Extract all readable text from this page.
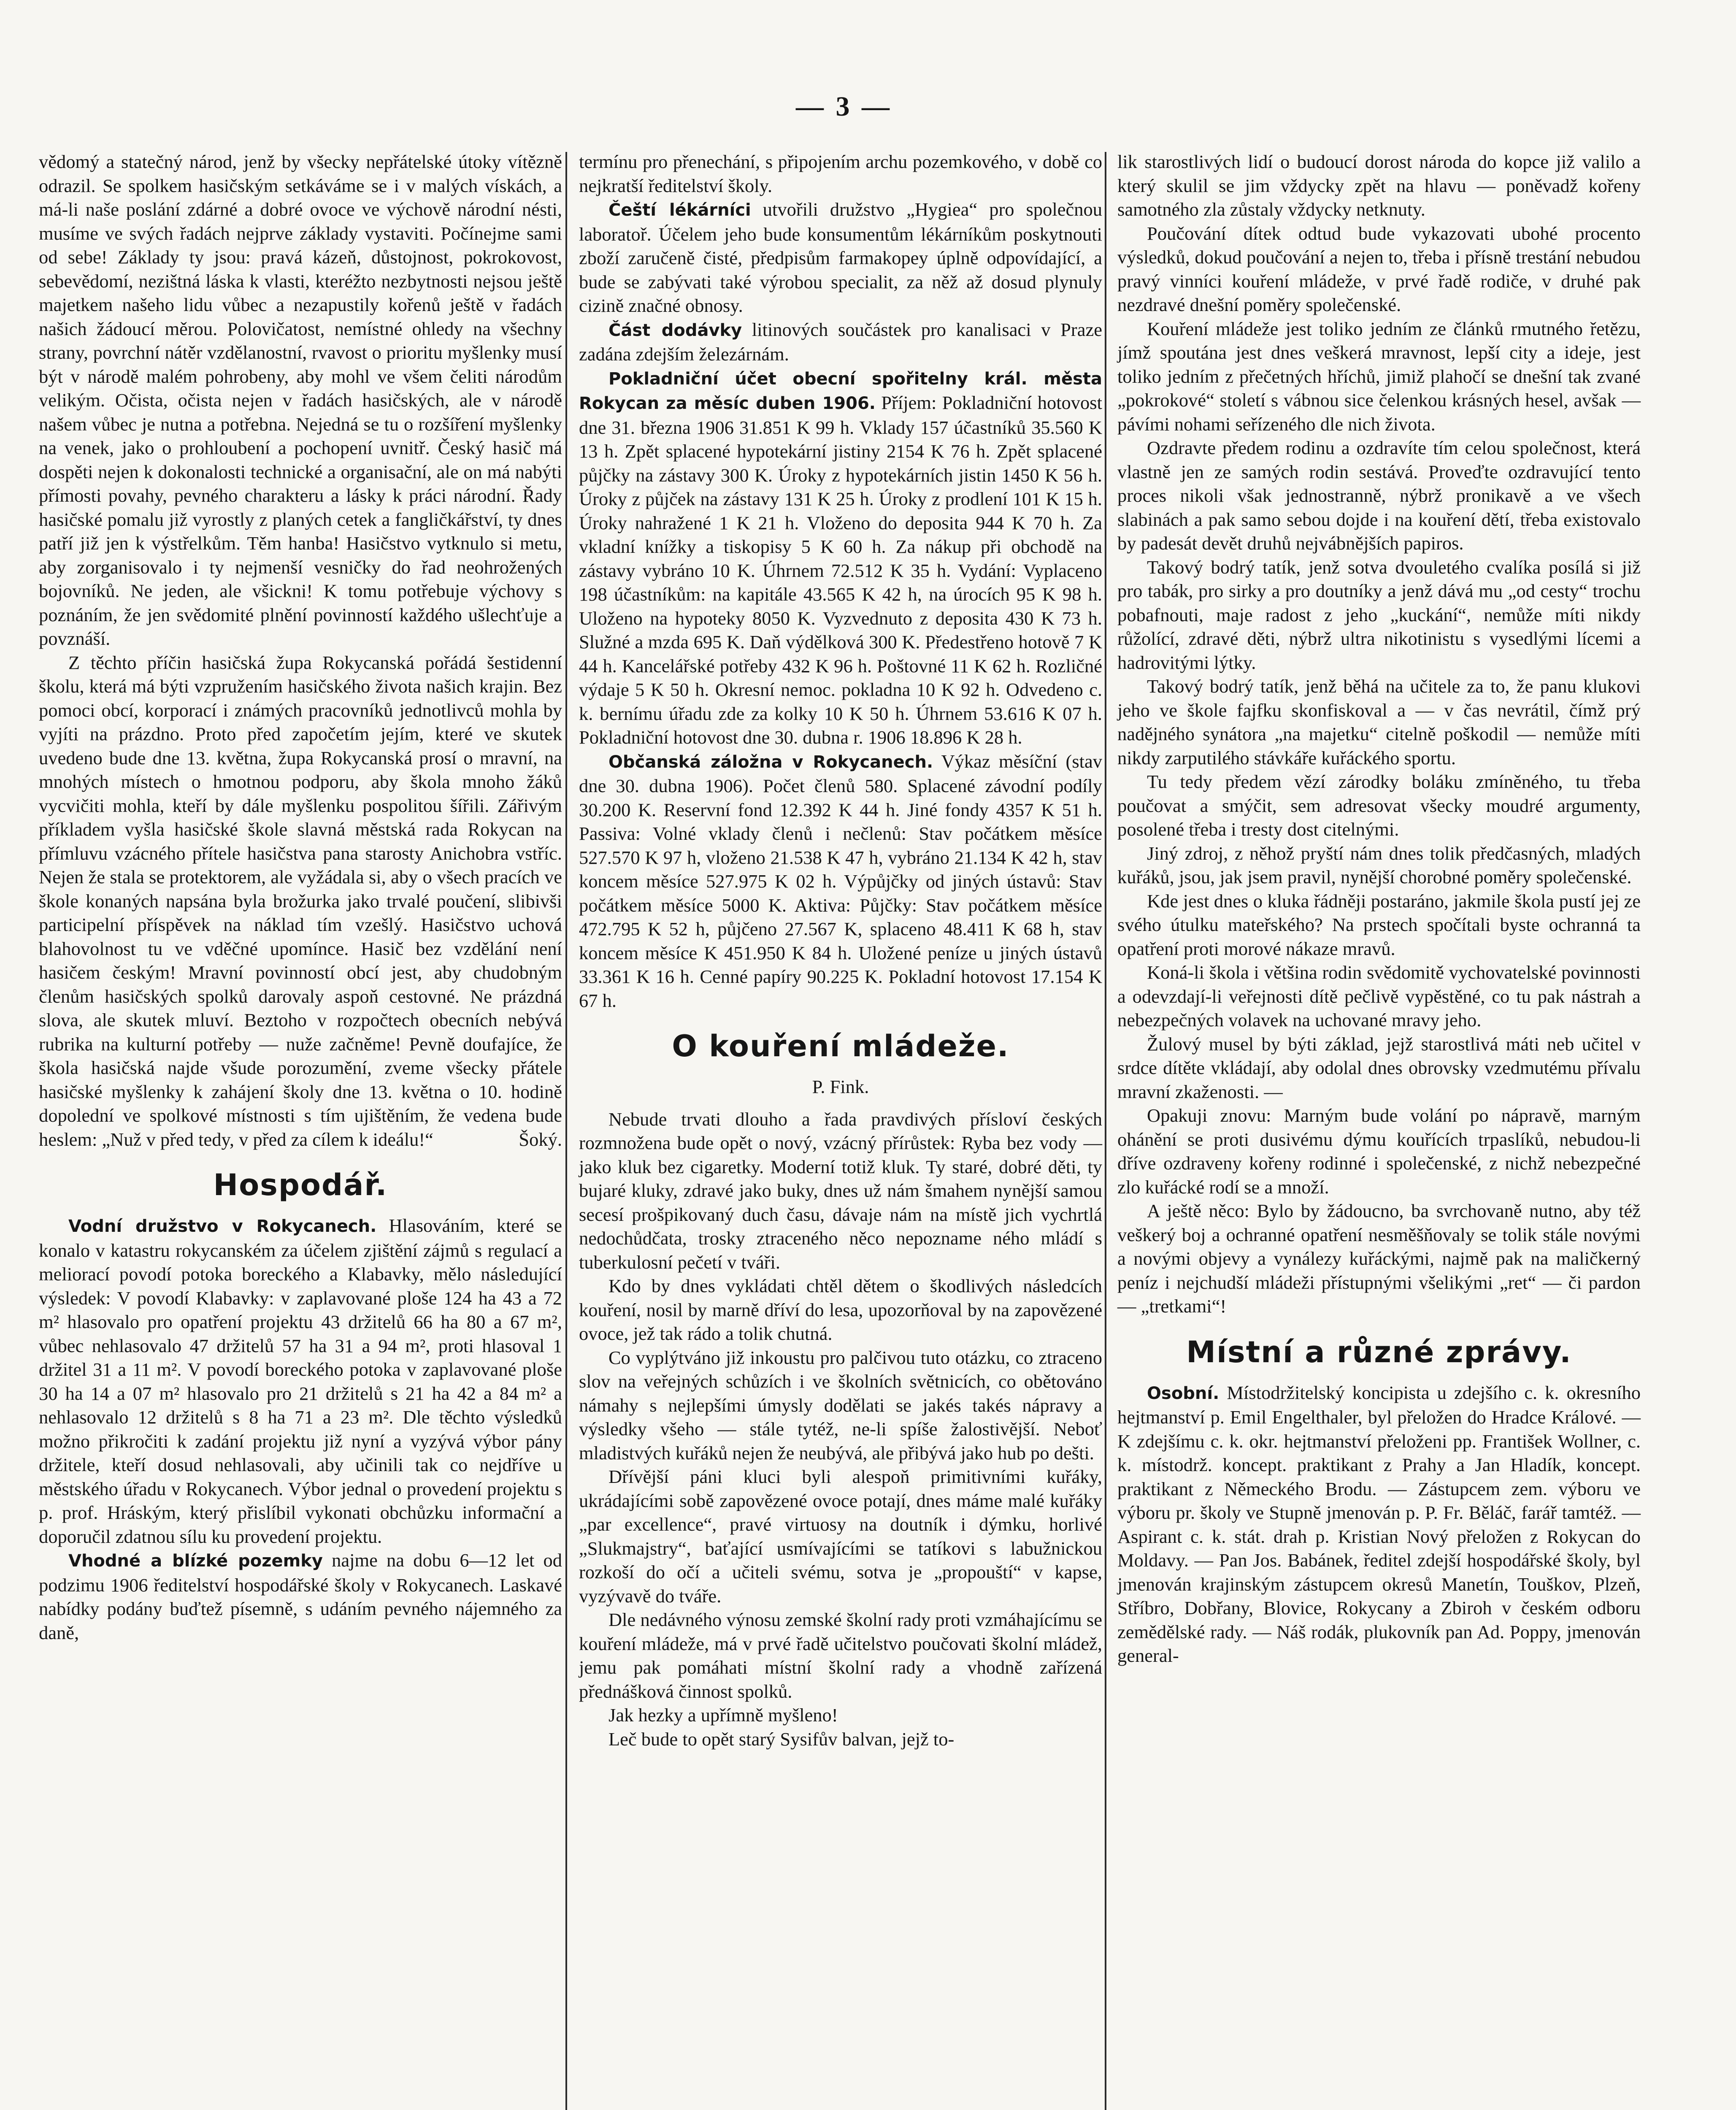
— 3 —

vědomý a statečný národ, jenž by všecky nepřátelské útoky vítězně odrazil. Se spolkem hasičským setkáváme se i v malých vískách, a má-li naše poslání zdárné a dobré ovoce ve výchově národní nésti, musíme ve svých řadách nejprve základy vystaviti. Počínejme sami od sebe! Základy ty jsou: pravá kázeň, důstojnost, pokrokovost, sebevědomí, nezištná láska k vlasti, kteréžto nezbytnosti nejsou ještě majetkem našeho lidu vůbec a nezapustily kořenů ještě v řadách našich žádoucí měrou. Polovičatost, nemístné ohledy na všechny strany, povrchní nátěr vzdělanostní, rvavost o prioritu myšlenky musí být v národě malém pohrobeny, aby mohl ve všem čeliti národům velikým. Očista, očista nejen v řadách hasičských, ale v národě našem vůbec je nutna a potřebna. Nejedná se tu o rozšíření myšlenky na venek, jako o prohloubení a pochopení uvnitř. Český hasič má dospěti nejen k dokonalosti technické a organisační, ale on má nabýti přímosti povahy, pevného charakteru a lásky k práci národní. Řady hasičské pomalu již vyrostly z planých cetek a fangličkářství, ty dnes patří již jen k výstřelkům. Těm hanba! Hasičstvo vytknulo si metu, aby zorganisovalo i ty nejmenší vesničky do řad neohrožených bojovníků. Ne jeden, ale všickni! K tomu potřebuje výchovy s poznáním, že jen svědomité plnění povinností každého ušlechťuje a povznáší.

Z těchto příčin hasičská župa Rokycanská pořádá šestidenní školu, která má býti vzpružením hasičského života našich krajin. Bez pomoci obcí, korporací i známých pracovníků jednotlivců mohla by vyjíti na prázdno. Proto před započetím jejím, které ve skutek uvedeno bude dne 13. května, župa Rokycanská prosí o mravní, na mnohých místech o hmotnou podporu, aby škola mnoho žáků vycvičiti mohla, kteří by dále myšlenku pospolitou šířili. Zářivým příkladem vyšla hasičské škole slavná městská rada Rokycan na přímluvu vzácného přítele hasičstva pana starosty Anichobra vstříc. Nejen že stala se protektorem, ale vyžádala si, aby o všech pracích ve škole konaných napsána byla brožurka jako trvalé poučení, slibivši participelní příspěvek na náklad tím vzešlý. Hasičstvo uchová blahovolnost tu ve vděčné upomínce. Hasič bez vzdělání není hasičem českým! Mravní povinností obcí jest, aby chudobným členům hasičských spolků darovaly aspoň cestovné. Ne prázdná slova, ale skutek mluví. Beztoho v rozpočtech obecních nebývá rubrika na kulturní potřeby — nuže začněme! Pevně doufajíce, že škola hasičská najde všude porozumění, zveme všecky přátele hasičské myšlenky k zahájení školy dne 13. května o 10. hodině dopolední ve spolkové místnosti s tím ujištěním, že vedena bude heslem: „Nuž v před tedy, v před za cílem k ideálu!“	Šoký.

Hospodář.

Vodní družstvo v Rokycanech. Hlasováním, které se konalo v katastru rokycanském za účelem zjištění zájmů s regulací a meliorací povodí potoka boreckého a Klabavky, mělo následující výsledek: V povodí Klabavky: v zaplavované ploše 124 ha 43 a 72 m² hlasovalo pro opatření projektu 43 držitelů 66 ha 80 a 67 m², vůbec nehlasovalo 47 držitelů 57 ha 31 a 94 m², proti hlasoval 1 držitel 31 a 11 m². V povodí boreckého potoka v zaplavované ploše 30 ha 14 a 07 m² hlasovalo pro 21 držitelů s 21 ha 42 a 84 m² a nehlasovalo 12 držitelů s 8 ha 71 a 23 m². Dle těchto výsledků možno přikročiti k zadání projektu již nyní a vyzývá výbor pány držitele, kteří dosud nehlasovali, aby učinili tak co nejdříve u městského úřadu v Rokycanech. Výbor jednal o provedení projektu s p. prof. Hráským, který přislíbil vykonati obchůzku informační a doporučil zdatnou sílu ku provedení projektu.

Vhodné a blízké pozemky najme na dobu 6—12 let od podzimu 1906 ředitelství hospodářské školy v Rokycanech. Laskavé nabídky podány buďtež písemně, s udáním pevného nájemného za daně,

termínu pro přenechání, s připojením archu pozemkového, v době co nejkratší ředitelství školy.

Čeští lékárníci utvořili družstvo „Hygiea“ pro společnou laboratoř. Účelem jeho bude konsumentům lékárníkům poskytnouti zboží zaručeně čisté, předpisům farmakopey úplně odpovídající, a bude se zabývati také výrobou specialit, za něž až dosud plynuly cizině značné obnosy.

Část dodávky litinových součástek pro kanalisaci v Praze zadána zdejším železárnám.

Pokladniční účet obecní spořitelny král. města Rokycan za měsíc duben 1906. Příjem: Pokladniční hotovost dne 31. března 1906 31.851 K 99 h. Vklady 157 účastníků 35.560 K 13 h. Zpět splacené hypotekární jistiny 2154 K 76 h. Zpět splacené půjčky na zástavy 300 K. Úroky z hypotekárních jistin 1450 K 56 h. Úroky z půjček na zástavy 131 K 25 h. Úroky z prodlení 101 K 15 h. Úroky nahražené 1 K 21 h. Vloženo do deposita 944 K 70 h. Za vkladní knížky a tiskopisy 5 K 60 h. Za nákup při obchodě na zástavy vybráno 10 K. Úhrnem 72.512 K 35 h. Vydání: Vyplaceno 198 účastníkům: na kapitále 43.565 K 42 h, na úrocích 95 K 98 h. Uloženo na hypoteky 8050 K. Vyzvednuto z deposita 430 K 73 h. Služné a mzda 695 K. Daň výdělková 300 K. Předestřeno hotově 7 K 44 h. Kancelářské potřeby 432 K 96 h. Poštovné 11 K 62 h. Rozličné výdaje 5 K 50 h. Okresní nemoc. pokladna 10 K 92 h. Odvedeno c. k. bernímu úřadu zde za kolky 10 K 50 h. Úhrnem 53.616 K 07 h. Pokladniční hotovost dne 30. dubna r. 1906 18.896 K 28 h.

Občanská záložna v Rokycanech. Výkaz měsíční (stav dne 30. dubna 1906). Počet členů 580. Splacené závodní podíly 30.200 K. Reservní fond 12.392 K 44 h. Jiné fondy 4357 K 51 h. Passiva: Volné vklady členů i nečlenů: Stav počátkem měsíce 527.570 K 97 h, vloženo 21.538 K 47 h, vybráno 21.134 K 42 h, stav koncem měsíce 527.975 K 02 h. Výpůjčky od jiných ústavů: Stav počátkem měsíce 5000 K. Aktiva: Půjčky: Stav počátkem měsíce 472.795 K 52 h, půjčeno 27.567 K, splaceno 48.411 K 68 h, stav koncem měsíce K 451.950 K 84 h. Uložené peníze u jiných ústavů 33.361 K 16 h. Cenné papíry 90.225 K. Pokladní hotovost 17.154 K 67 h.

O kouření mládeže.
P. Fink.

Nebude trvati dlouho a řada pravdivých přísloví českých rozmnožena bude opět o nový, vzácný přírůstek: Ryba bez vody — jako kluk bez cigaretky. Moderní totiž kluk. Ty staré, dobré děti, ty bujaré kluky, zdravé jako buky, dnes už nám šmahem nynější samou secesí prošpikovaný duch času, dávaje nám na místě jich vychrtlá nedochůdčata, trosky ztraceného něco nepozname ného mládí s tuberkulosní pečetí v tváři.

Kdo by dnes vykládati chtěl dětem o škodlivých následcích kouření, nosil by marně dříví do lesa, upozorňoval by na zapovězené ovoce, jež tak rádo a tolik chutná.

Co vyplýtváno již inkoustu pro palčivou tuto otázku, co ztraceno slov na veřejných schůzích i ve školních světnicích, co obětováno námahy s nejlepšími úmysly dodělati se jakés takés nápravy a výsledky všeho — stále tytéž, ne-li spíše žalostivější. Neboť mladistvých kuřáků nejen že neubývá, ale přibývá jako hub po dešti.

Dřívější páni kluci byli alespoň primitivními kuřáky, ukrádajícími sobě zapovězené ovoce potají, dnes máme malé kuřáky „par excellence“, pravé virtuosy na doutník i dýmku, horlivé „Slukmajstry“, baťající usmívajícími se tatíkovi s labužnickou rozkoší do očí a učiteli svému, sotva je „propouští“ v kapse, vyzývavě do tváře.

Dle nedávného výnosu zemské školní rady proti vzmáhajícímu se kouření mládeže, má v prvé řadě učitelstvo poučovati školní mládež, jemu pak pomáhati místní školní rady a vhodně zařízená přednášková činnost spolků.

Jak hezky a upřímně myšleno!

Leč bude to opět starý Sysifův balvan, jejž to-

lik starostlivých lidí o budoucí dorost národa do kopce již valilo a který skulil se jim vždycky zpět na hlavu — poněvadž kořeny samotného zla zůstaly vždycky netknuty.

Poučování dítek odtud bude vykazovati ubohé procento výsledků, dokud poučování a nejen to, třeba i přísně trestání nebudou pravý vinníci kouření mládeže, v prvé řadě rodiče, v druhé pak nezdravé dnešní poměry společenské.

Kouření mládeže jest toliko jedním ze článků rmutného řetězu, jímž spoutána jest dnes veškerá mravnost, lepší city a ideje, jest toliko jedním z přečetných hříchů, jimiž plahočí se dnešní tak zvané „pokrokové“ století s vábnou sice čelenkou krásných hesel, avšak — pávími nohami seřízeného dle nich života.

Ozdravte předem rodinu a ozdravíte tím celou společnost, která vlastně jen ze samých rodin sestává. Proveďte ozdravující tento proces nikoli však jednostranně, nýbrž pronikavě a ve všech slabinách a pak samo sebou dojde i na kouření dětí, třeba existovalo by padesát devět druhů nejvábnějších papiros.

Takový bodrý tatík, jenž sotva dvouletého cvalíka posílá si již pro tabák, pro sirky a pro doutníky a jenž dává mu „od cesty“ trochu pobafnouti, maje radost z jeho „kuckání“, nemůže míti nikdy růžolící, zdravé děti, nýbrž ultra nikotinistu s vysedlými lícemi a hadrovitými lýtky.

Takový bodrý tatík, jenž běhá na učitele za to, že panu klukovi jeho ve škole fajfku skonfiskoval a — v čas nevrátil, čímž prý nadějného synátora „na majetku“ citelně poškodil — nemůže míti nikdy zarputilého stávkáře kuřáckého sportu.

Tu tedy předem vězí zárodky boláku zmíněného, tu třeba poučovat a smýčit, sem adresovat všecky moudré argumenty, posolené třeba i tresty dost citelnými.

Jiný zdroj, z něhož pryští nám dnes tolik předčasných, mladých kuřáků, jsou, jak jsem pravil, nynější chorobné poměry společenské.

Kde jest dnes o kluka řádněji postaráno, jakmile škola pustí jej ze svého útulku mateřského? Na prstech spočítali byste ochranná ta opatření proti morové nákaze mravů.

Koná-li škola i většina rodin svědomitě vychovatelské povinnosti a odevzdají-li veřejnosti dítě pečlivě vypěstěné, co tu pak nástrah a nebezpečných volavek na uchované mravy jeho.

Žulový musel by býti základ, jejž starostlivá máti neb učitel v srdce dítěte vkládají, aby odolal dnes obrovsky vzedmutému přívalu mravní zkaženosti. —

Opakuji znovu: Marným bude volání po nápravě, marným ohánění se proti dusivému dýmu kouřících trpaslíků, nebudou-li dříve ozdraveny kořeny rodinné i společenské, z nichž nebezpečné zlo kuřácké rodí se a množí.

A ještě něco: Bylo by žádoucno, ba svrchovaně nutno, aby též veškerý boj a ochranné opatření nesměšňovaly se tolik stále novými a novými objevy a vynálezy kuřáckými, najmě pak na maličkerný peníz i nejchudší mládeži přístupnými všelikými „ret“ — či pardon — „tretkami“!

Místní a různé zprávy.

Osobní. Místodržitelský koncipista u zdejšího c. k. okresního hejtmanství p. Emil Engelthaler, byl přeložen do Hradce Králové. — K zdejšímu c. k. okr. hejtmanství přeloženi pp. František Wollner, c. k. místodrž. koncept. praktikant z Prahy a Jan Hladík, koncept. praktikant z Německého Brodu. — Zástupcem zem. výboru ve výboru pr. školy ve Stupně jmenován p. P. Fr. Běláč, farář tamtéž. — Aspirant c. k. stát. drah p. Kristian Nový přeložen z Rokycan do Moldavy. — Pan Jos. Babánek, ředitel zdejší hospodářské školy, byl jmenován krajinským zástupcem okresů Manetín, Touškov, Plzeň, Stříbro, Dobřany, Blovice, Rokycany a Zbiroh v českém odboru zemědělské rady. — Náš rodák, plukovník pan Ad. Poppy, jmenován general-
